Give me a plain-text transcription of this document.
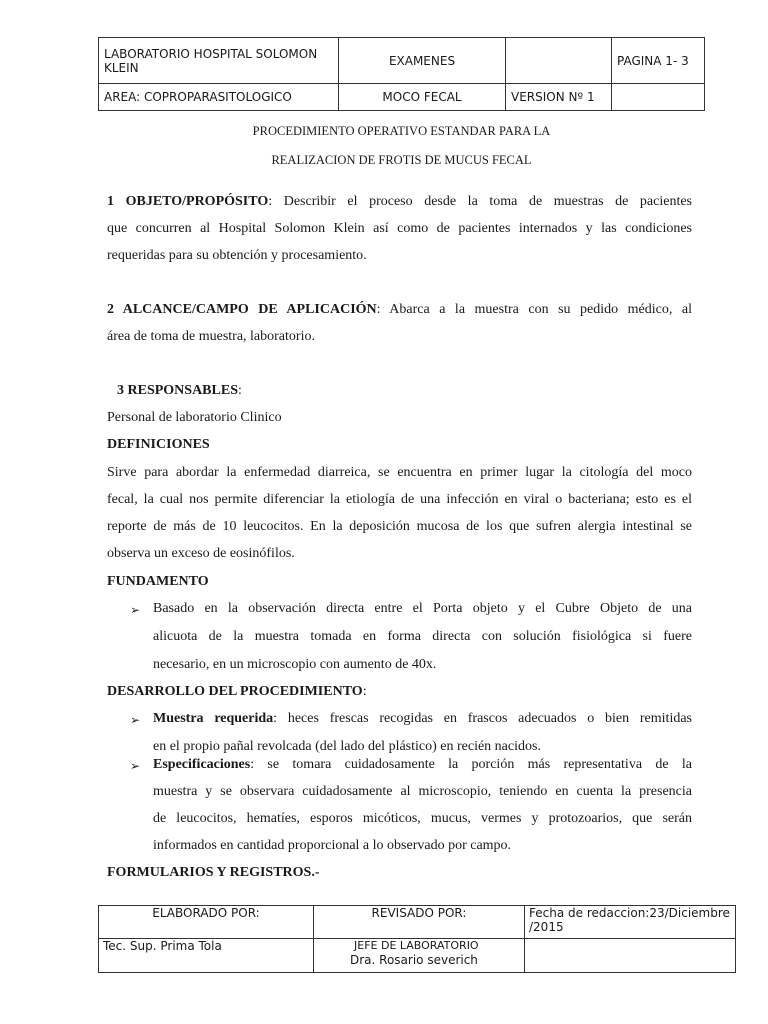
LABORATORIO HOSPITAL SOLOMON KLEIN	EXAMENES		PAGINA 1- 3
AREA: COPROPARASITOLOGICO	MOCO FECAL	VERSION Nº 1	
PROCEDIMIENTO OPERATIVO ESTANDAR PARA LA
REALIZACION DE FROTIS DE MUCUS FECAL
1 OBJETO/PROPÓSITO: Describir el proceso desde la toma de muestras de pacientes
que concurren al Hospital Solomon Klein así como de pacientes internados y las condiciones
requeridas para su obtención y procesamiento.
2 ALCANCE/CAMPO DE APLICACIÓN: Abarca a la muestra con su pedido médico, al
área de toma de muestra, laboratorio.
3 RESPONSABLES:
Personal de laboratorio Clinico
DEFINICIONES
Sirve para abordar la enfermedad diarreica, se encuentra en primer lugar la citología del moco
fecal, la cual nos permite diferenciar la etiología de una infección en viral o bacteriana; esto es el
reporte de más de 10 leucocitos. En la deposición mucosa de los que sufren alergia intestinal se
observa un exceso de eosinófilos.
FUNDAMENTO
➢ Basado en la observación directa entre el Porta objeto y el Cubre Objeto de una
alicuota de la muestra tomada en forma directa con solución fisiológica si fuere
necesario, en un microscopio con aumento de 40x.
DESARROLLO DEL PROCEDIMIENTO:
➢ Muestra requerida: heces frescas recogidas en frascos adecuados o bien remitidas
en el propio pañal revolcada (del lado del plástico) en recién nacidos.
➢ Especificaciones: se tomara cuidadosamente la porción más representativa de la
muestra y se observara cuidadosamente al microscopio, teniendo en cuenta la presencia
de leucocitos, hematíes, esporos micóticos, mucus, vermes y protozoarios, que serán
informados en cantidad proporcional a lo observado por campo.
FORMULARIOS Y REGISTROS.-
ELABORADO POR:	REVISADO POR:	Fecha de redaccion:23/Diciembre /2015
Tec. Sup. Prima Tola	JEFE DE LABORATORIO
Dra. Rosario severich	
